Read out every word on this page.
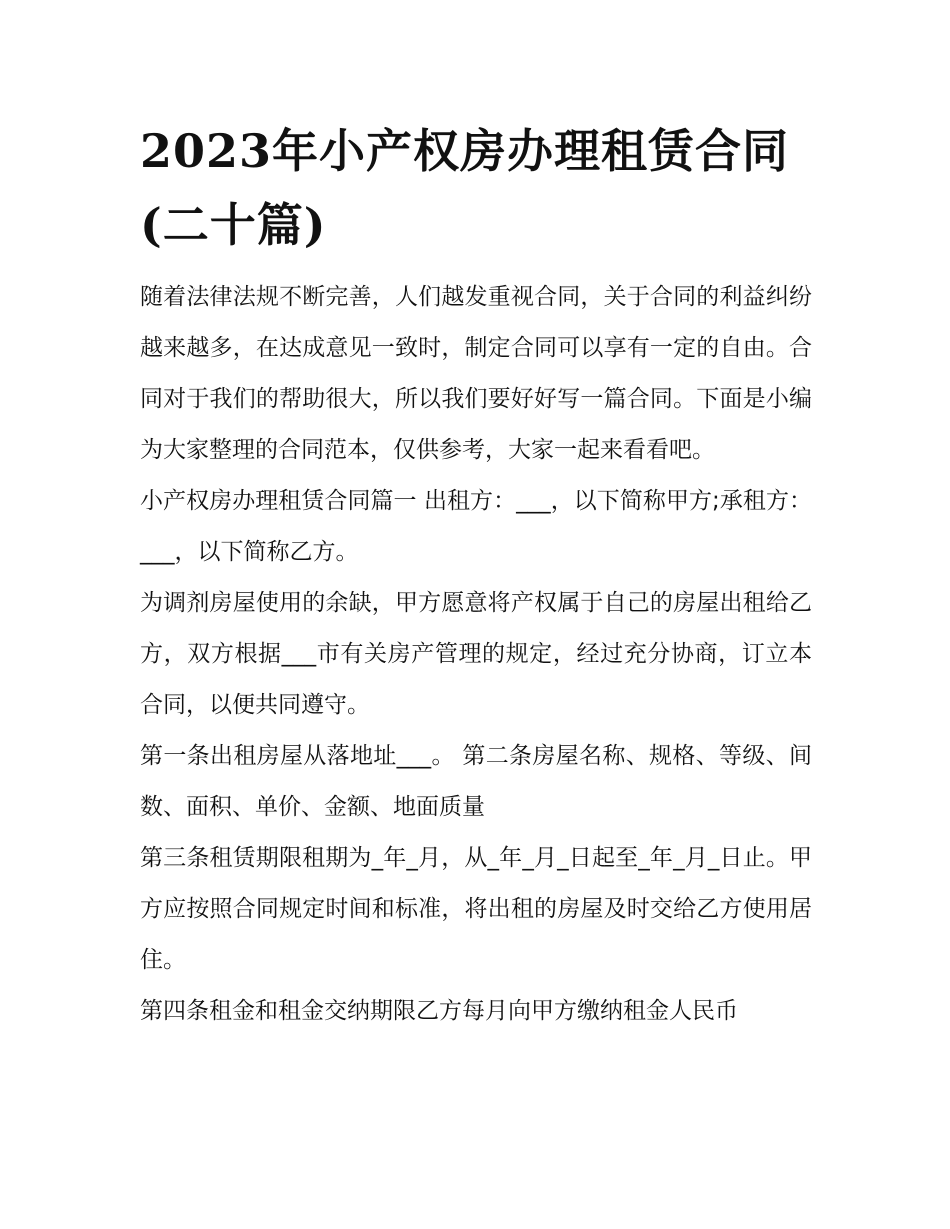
2023年小产权房办理租赁合同(二十篇)

随着法律法规不断完善，人们越发重视合同，关于合同的利益纠纷越来越多，在达成意见一致时，制定合同可以享有一定的自由。合同对于我们的帮助很大，所以我们要好好写一篇合同。下面是小编为大家整理的合同范本，仅供参考，大家一起来看看吧。

小产权房办理租赁合同篇一 出租方：___，以下简称甲方;承租方：___，以下简称乙方。

为调剂房屋使用的余缺，甲方愿意将产权属于自己的房屋出租给乙方，双方根据___市有关房产管理的规定，经过充分协商，订立本合同，以便共同遵守。

第一条出租房屋从落地址___。 第二条房屋名称、规格、等级、间数、面积、单价、金额、地面质量

第三条租赁期限租期为_年_月，从_年_月_日起至_年_月_日止。甲方应按照合同规定时间和标准，将出租的房屋及时交给乙方使用居住。

第四条租金和租金交纳期限乙方每月向甲方缴纳租金人民币
